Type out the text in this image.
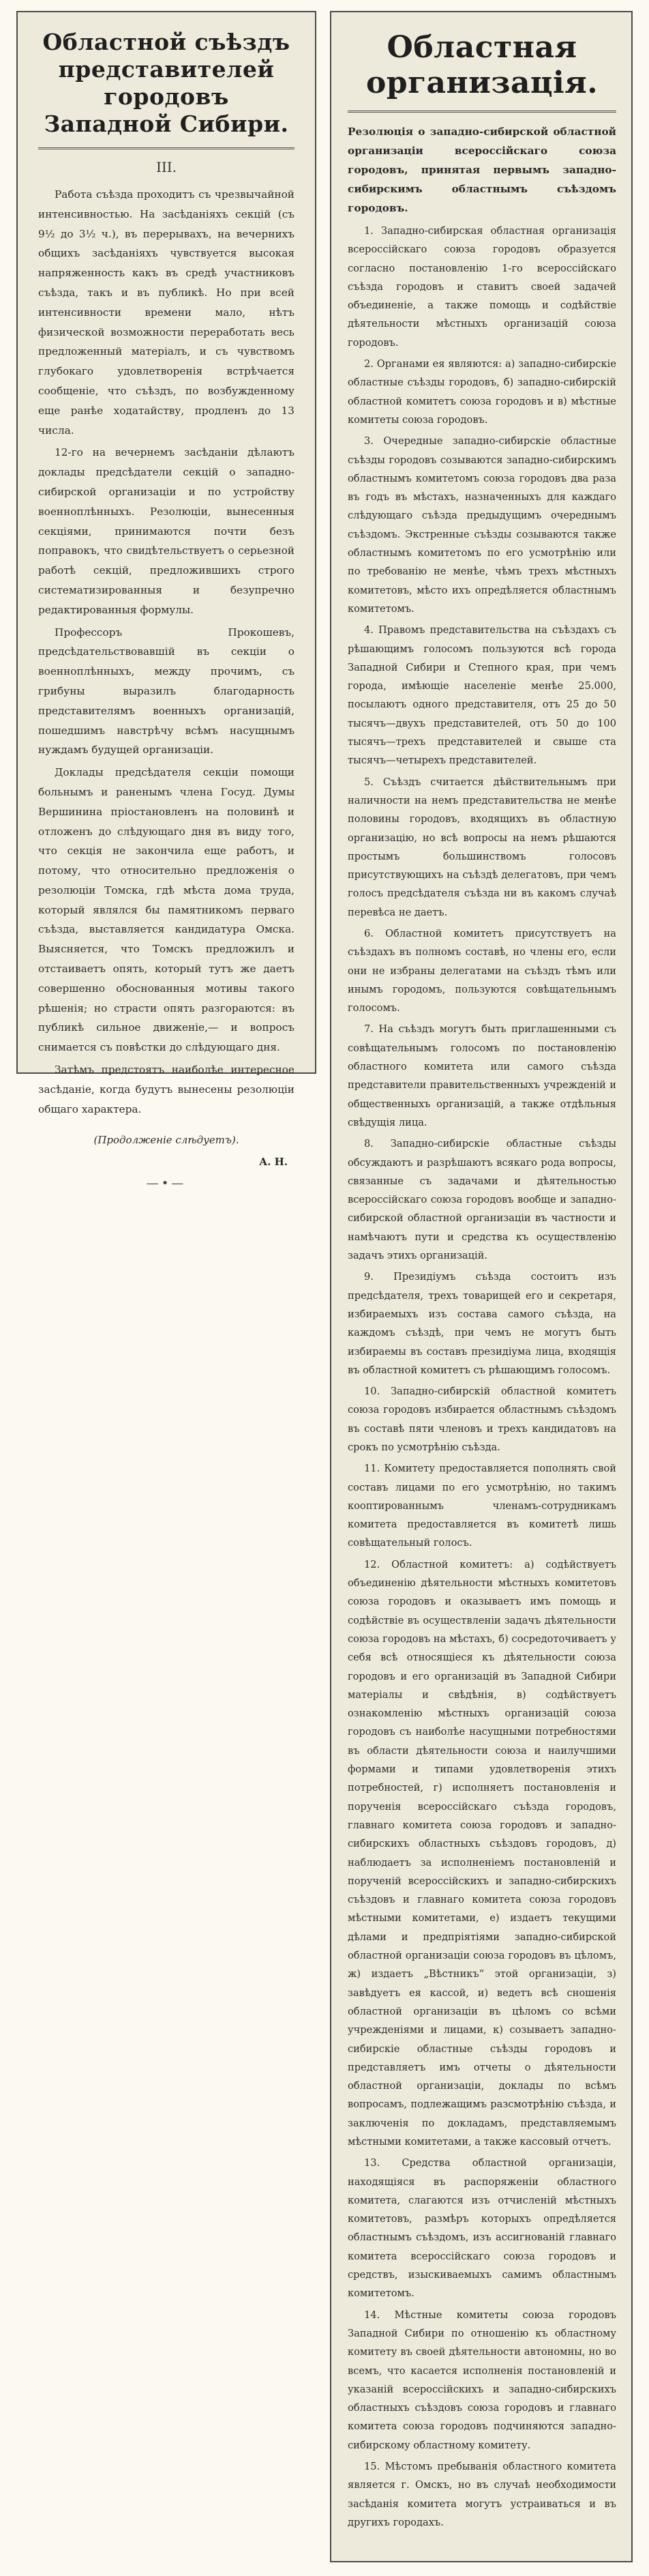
Областной съѣздъ представителей городовъ Западной Сибири.
III.

Работа съѣзда проходитъ съ чрезвычайной интенсивностью. На засѣданіяхъ секцій (съ 9½ до 3½ ч.), въ перерывахъ, на вечернихъ общихъ засѣданіяхъ чувствуется высокая напряженность какъ въ средѣ участниковъ съѣзда, такъ и въ публикѣ. Но при всей интенсивности времени мало, нѣтъ физической возможности переработать весь предложенный матеріалъ, и съ чувствомъ глубокаго удовлетворенія встрѣчается сообщеніе, что съѣздъ, по возбужденному еще ранѣе ходатайству, продленъ до 13 числа.

12-го на вечернемъ засѣданіи дѣлаютъ доклады предсѣдатели секцій о западно-сибирской организаціи и по устройству военноплѣнныхъ. Резолюціи, вынесенныя секціями, принимаются почти безъ поправокъ, что свидѣтельствуетъ о серьезной работѣ секцій, предложившихъ строго систематизированныя и безупречно редактированныя формулы.

Профессоръ Прокошевъ, предсѣдательствовавшій въ секціи о военноплѣнныхъ, между прочимъ, съ грибуны выразилъ благодарность представителямъ военныхъ организацій, пошедшимъ навстрѣчу всѣмъ насущнымъ нуждамъ будущей организаціи.

Доклады предсѣдателя секціи помощи больнымъ и раненымъ члена Госуд. Думы Вершинина пріостановленъ на половинѣ и отложенъ до слѣдующаго дня въ виду того, что секція не закончила еще работъ, и потому, что относительно предложенія о резолюціи Томска, гдѣ мѣста дома труда, который являлся бы памятникомъ перваго съѣзда, выставляется кандидатура Омска. Выясняется, что Томскъ предложилъ и отстаиваетъ опять, который тутъ же даетъ совершенно обоснованныя мотивы такого рѣшенія; но страсти опять разгораются: въ публикѣ сильное движеніе,— и вопросъ снимается съ повѣстки до слѣдующаго дня.

Затѣмъ предстоятъ наиболѣе интересное засѣданіе, когда будутъ вынесены резолюціи общаго характера.

(Продолженіе слѣдуетъ).
А. Н.
—•—
Областная организація.

Резолюція о западно-сибирской областной организаціи всероссійскаго союза городовъ, принятая первымъ западно-сибирскимъ областнымъ съѣздомъ городовъ.

1. Западно-сибирская областная организація всероссійскаго союза городовъ образуется согласно постановленію 1-го всероссійскаго съѣзда городовъ и ставитъ своей задачей объединеніе, а также помощь и содѣйствіе дѣятельности мѣстныхъ организацій союза городовъ.

2. Органами ея являются: а) западно-сибирскіе областные съѣзды городовъ, б) западно-сибирскій областной комитетъ союза городовъ и в) мѣстные комитеты союза городовъ.

3. Очередные западно-сибирскіе областные съѣзды городовъ созываются западно-сибирскимъ областнымъ комитетомъ союза городовъ два раза въ годъ въ мѣстахъ, назначенныхъ для каждаго слѣдующаго съѣзда предыдущимъ очереднымъ съѣздомъ. Экстренные съѣзды созываются также областнымъ комитетомъ по его усмотрѣнію или по требованію не менѣе, чѣмъ трехъ мѣстныхъ комитетовъ, мѣсто ихъ опредѣляется областнымъ комитетомъ.

4. Правомъ представительства на съѣздахъ съ рѣшающимъ голосомъ пользуются всѣ города Западной Сибири и Степного края, при чемъ города, имѣющіе населеніе менѣе 25.000, посылаютъ одного представителя, отъ 25 до 50 тысячъ—двухъ представителей, отъ 50 до 100 тысячъ—трехъ представителей и свыше ста тысячъ—четырехъ представителей.

5. Съѣздъ считается дѣйствительнымъ при наличности на немъ представительства не менѣе половины городовъ, входящихъ въ областную организацію, но всѣ вопросы на немъ рѣшаются простымъ большинствомъ голосовъ присутствующихъ на съѣздѣ делегатовъ, при чемъ голосъ предсѣдателя съѣзда ни въ какомъ случаѣ перевѣса не даетъ.

6. Областной комитетъ присутствуетъ на съѣздахъ въ полномъ составѣ, но члены его, если они не избраны делегатами на съѣздъ тѣмъ или инымъ городомъ, пользуются совѣщательнымъ голосомъ.

7. На съѣздъ могутъ быть приглашенными съ совѣщательнымъ голосомъ по постановленію областного комитета или самого съѣзда представители правительственныхъ учрежденій и общественныхъ организацій, а также отдѣльныя свѣдущія лица.

8. Западно-сибирскіе областные съѣзды обсуждаютъ и разрѣшаютъ всякаго рода вопросы, связанные съ задачами и дѣятельностью всероссійскаго союза городовъ вообще и западно-сибирской областной организаціи въ частности и намѣчаютъ пути и средства къ осуществленію задачъ этихъ организацій.

9. Президіумъ съѣзда состоитъ изъ предсѣдателя, трехъ товарищей его и секретаря, избираемыхъ изъ состава самого съѣзда, на каждомъ съѣздѣ, при чемъ не могутъ быть избираемы въ составъ президіума лица, входящія въ областной комитетъ съ рѣшающимъ голосомъ.

10. Западно-сибирскій областной комитетъ союза городовъ избирается областнымъ съѣздомъ въ составѣ пяти членовъ и трехъ кандидатовъ на срокъ по усмотрѣнію съѣзда.

11. Комитету предоставляется пополнять свой составъ лицами по его усмотрѣнію, но такимъ кооптированнымъ членамъ-сотрудникамъ комитета предоставляется въ комитетѣ лишь совѣщательный голосъ.

12. Областной комитетъ: а) содѣйствуетъ объединенію дѣятельности мѣстныхъ комитетовъ союза городовъ и оказываетъ имъ помощь и содѣйствіе въ осуществленіи задачъ дѣятельности союза городовъ на мѣстахъ, б) сосредоточиваетъ у себя всѣ относящіеся къ дѣятельности союза городовъ и его организацій въ Западной Сибири матеріалы и свѣдѣнія, в) содѣйствуетъ ознакомленію мѣстныхъ организацій союза городовъ съ наиболѣе насущными потребностями въ области дѣятельности союза и наилучшими формами и типами удовлетворенія этихъ потребностей, г) исполняетъ постановленія и порученія всероссійскаго съѣзда городовъ, главнаго комитета союза городовъ и западно-сибирскихъ областныхъ съѣздовъ городовъ, д) наблюдаетъ за исполненіемъ постановленій и порученій всероссійскихъ и западно-сибирскихъ съѣздовъ и главнаго комитета союза городовъ мѣстными комитетами, е) издаетъ текущими дѣлами и предпріятіями западно-сибирской областной организаціи союза городовъ въ цѣломъ, ж) издаетъ „Вѣстникъ“ этой организаціи, з) завѣдуетъ ея кассой, и) ведетъ всѣ сношенія областной организаціи въ цѣломъ со всѣми учрежденіями и лицами, к) созываетъ западно-сибирскіе областные съѣзды городовъ и представляетъ имъ отчеты о дѣятельности областной организаціи, доклады по всѣмъ вопросамъ, подлежащимъ разсмотрѣнію съѣзда, и заключенія по докладамъ, представляемымъ мѣстными комитетами, а также кассовый отчетъ.

13. Средства областной организаціи, находящіяся въ распоряженіи областного комитета, слагаются изъ отчисленій мѣстныхъ комитетовъ, размѣръ которыхъ опредѣляется областнымъ съѣздомъ, изъ ассигнованій главнаго комитета всероссійскаго союза городовъ и средствъ, изыскиваемыхъ самимъ областнымъ комитетомъ.

14. Мѣстные комитеты союза городовъ Западной Сибири по отношенію къ областному комитету въ своей дѣятельности автономны, но во всемъ, что касается исполненія постановленій и указаній всероссійскихъ и западно-сибирскихъ областныхъ съѣздовъ союза городовъ и главнаго комитета союза городовъ подчиняются западно-сибирскому областному комитету.

15. Мѣстомъ пребыванія областного комитета является г. Омскъ, но въ случаѣ необходимости засѣданія комитета могутъ устраиваться и въ другихъ городахъ.
